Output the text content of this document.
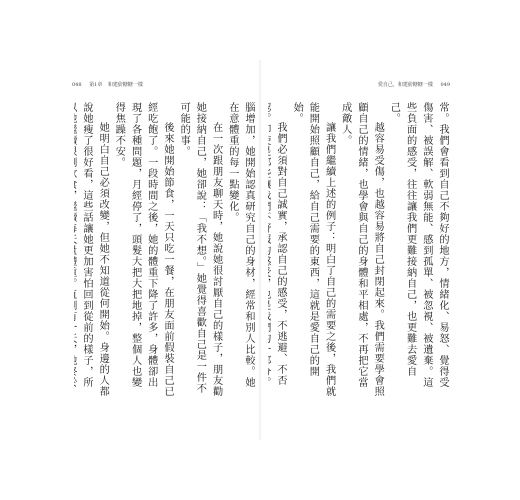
048 第1章 和建紛糖糖一樣	愛自己，和建紛糖糖一樣 049

常。我們會看到自己不夠好的地方，情緒化、易怒、覺得受傷害、被誤解、軟弱無能、感到孤單、被忽視、被遺棄。這些負面的感受，往往讓我們更難接納自己，也更難去愛自己。

越容易受傷，也越容易將自己封閉起來。我們需要學會照顧自己的情緒，也學會與自己的身體和平相處，不再把它當成敵人。

讓我們繼續上述的例子：明白了自己的需要之後，我們就能開始照顧自己，給自己需要的東西，這就是愛自己的開始。

我們必須對自己誠實，承認自己的感受，不逃避、不否

腦增加，她開始認真研究自己的身材，經常和別人比較。她在意體重的每一點變化。

在一次跟朋友聊天時，她說她很討厭自己的樣子，朋友勸她接納自己，她卻說：「我不想。」她覺得喜歡自己是一件不可能的事。

後來她開始節食，一天只吃一餐，在朋友面前假裝自己已經吃飽了。一段時間之後，她的體重下降了許多，身體卻出現了各種問題，月經停了，頭髮大把大把地掉，整個人也變得焦躁不安。

她明白自己必須改變，但她不知道從何開始。身邊的人都說她瘦了很好看，這些話讓她更加害怕回到從前的樣子，所
